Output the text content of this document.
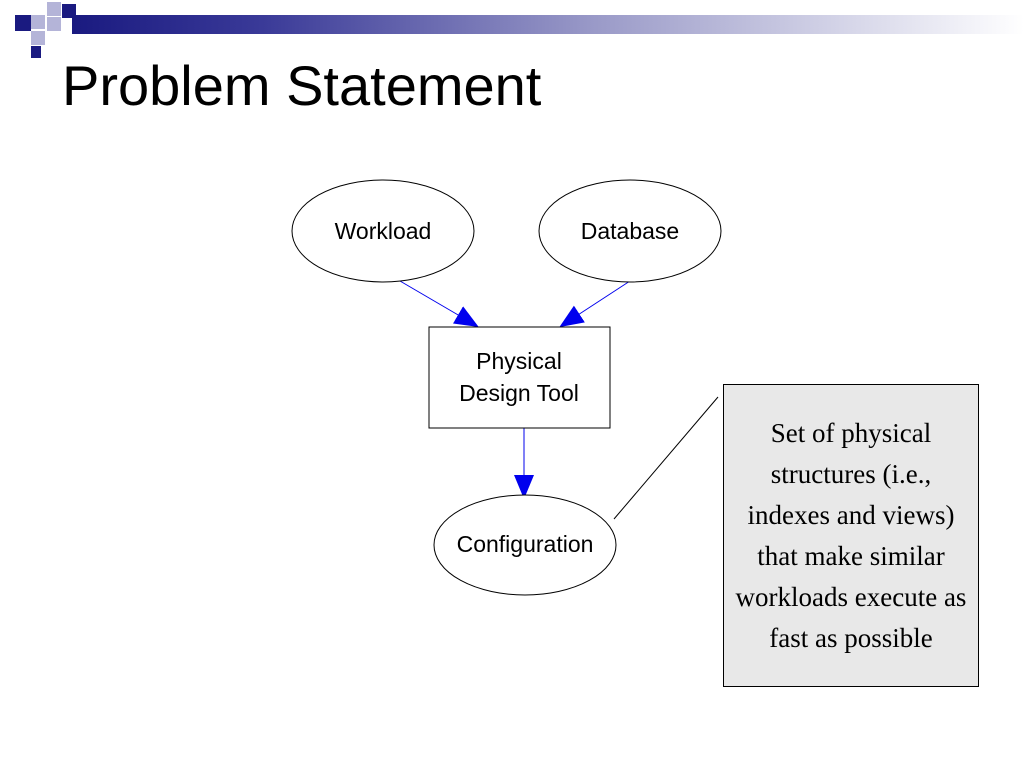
Problem Statement
Workload	Database
Physical
Design Tool
Configuration
Set of physical structures (i.e., indexes and views) that make similar workloads execute as fast as possible
